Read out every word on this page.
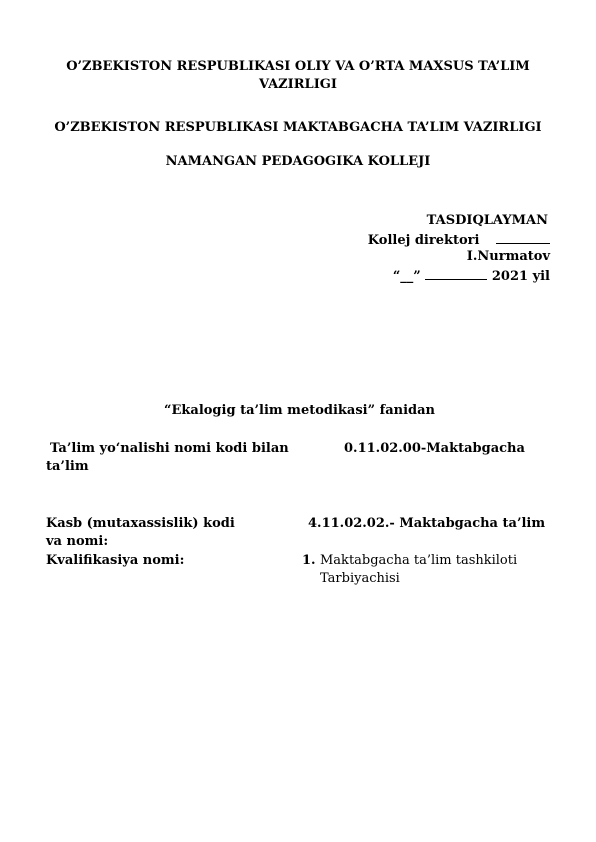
O’ZBEKISTON RESPUBLIKASI OLIY VA O’RTA MAXSUS TA’LIM
VAZIRLIGI
O’ZBEKISTON RESPUBLIKASI MAKTABGACHA TA’LIM VAZIRLIGI
NAMANGAN PEDAGOGIKA KOLLEJI
TASDIQLAYMAN
Kollej direktori
I.Nurmatov
“__”	2021 yil
“Ekalogig ta’lim metodikasi” fanidan
Ta’lim yo‘nalishi nomi kodi bilan
ta’lim
0.11.02.00-Maktabgacha
Kasb (mutaxassislik) kodi
va nomi:
4.11.02.02.- Maktabgacha ta’lim
Kvalifikasiya nomi:	1. Maktabgacha ta’lim tashkiloti
Tarbiyachisi
